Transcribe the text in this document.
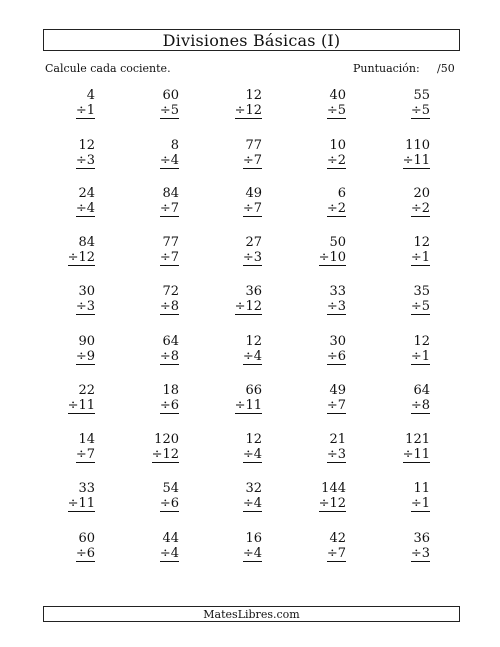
Divisiones Básicas (I)
Calcule cada cociente.	Puntuación: /50
4
÷1
60
÷5
12
÷12
40
÷5
55
÷5
12
÷3
8
÷4
77
÷7
10
÷2
110
÷11
24
÷4
84
÷7
49
÷7
6
÷2
20
÷2
84
÷12
77
÷7
27
÷3
50
÷10
12
÷1
30
÷3
72
÷8
36
÷12
33
÷3
35
÷5
90
÷9
64
÷8
12
÷4
30
÷6
12
÷1
22
÷11
18
÷6
66
÷11
49
÷7
64
÷8
14
÷7
120
÷12
12
÷4
21
÷3
121
÷11
33
÷11
54
÷6
32
÷4
144
÷12
11
÷1
60
÷6
44
÷4
16
÷4
42
÷7
36
÷3
MatesLibres.com
